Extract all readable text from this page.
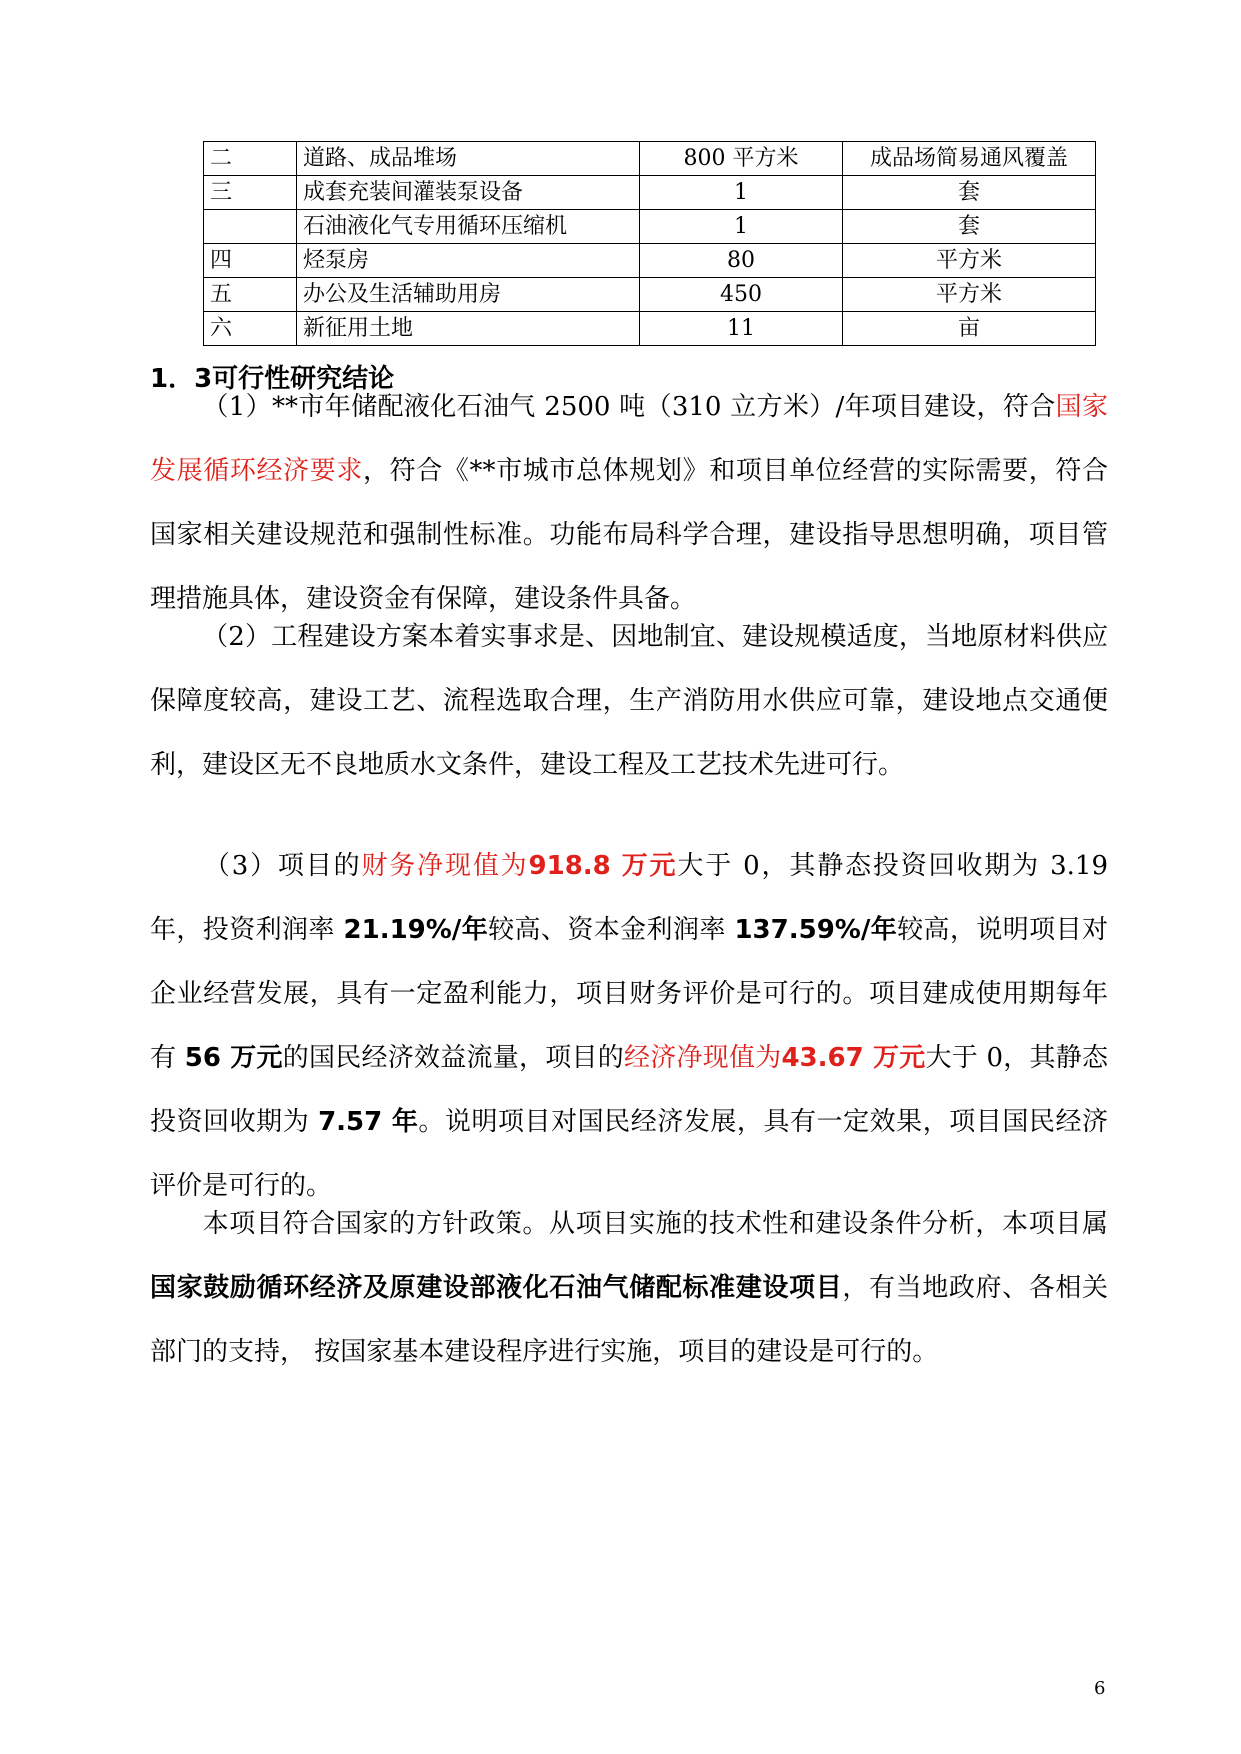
二	道路、成品堆场	800 平方米	成品场简易通风覆盖
三	成套充装间灌装泵设备	1	套
	石油液化气专用循环压缩机	1	套
四	烃泵房	80	平方米
五	办公及生活辅助用房	450	平方米
六	新征用土地	11	亩
1．3可行性研究结论

（1）**市年储配液化石油气 2500 吨（310 立方米）/年项目建设，符合国家发展循环经济要求，符合《**市城市总体规划》和项目单位经营的实际需要，符合国家相关建设规范和强制性标准。功能布局科学合理，建设指导思想明确，项目管理措施具体，建设资金有保障，建设条件具备。

（2）工程建设方案本着实事求是、因地制宜、建设规模适度，当地原材料供应保障度较高，建设工艺、流程选取合理，生产消防用水供应可靠，建设地点交通便利，建设区无不良地质水文条件，建设工程及工艺技术先进可行。

（3）项目的财务净现值为918.8 万元大于 0，其静态投资回收期为 3.19 年，投资利润率 21.19%/年较高、资本金利润率 137.59%/年较高，说明项目对企业经营发展，具有一定盈利能力，项目财务评价是可行的。项目建成使用期每年有 56 万元的国民经济效益流量，项目的经济净现值为43.67 万元大于 0，其静态投资回收期为 7.57 年。说明项目对国民经济发展，具有一定效果，项目国民经济评价是可行的。

本项目符合国家的方针政策。从项目实施的技术性和建设条件分析，本项目属国家鼓励循环经济及原建设部液化石油气储配标准建设项目，有当地政府、各相关部门的支持， 按国家基本建设程序进行实施，项目的建设是可行的。

6
